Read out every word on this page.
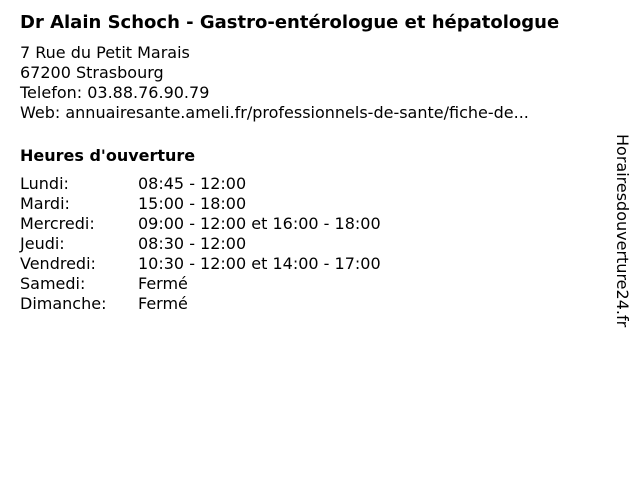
Dr Alain Schoch - Gastro-entérologue et hépatologue
7 Rue du Petit Marais
67200 Strasbourg
Telefon: 03.88.76.90.79
Web: annuairesante.ameli.fr/professionnels-de-sante/fiche-de...
Heures d'ouverture
Lundi:	08:45 - 12:00
Mardi:	15:00 - 18:00
Mercredi:	09:00 - 12:00 et 16:00 - 18:00
Jeudi:	08:30 - 12:00
Vendredi:	10:30 - 12:00 et 14:00 - 17:00
Samedi:	Fermé
Dimanche:	Fermé	Horairesdouverture24.fr
